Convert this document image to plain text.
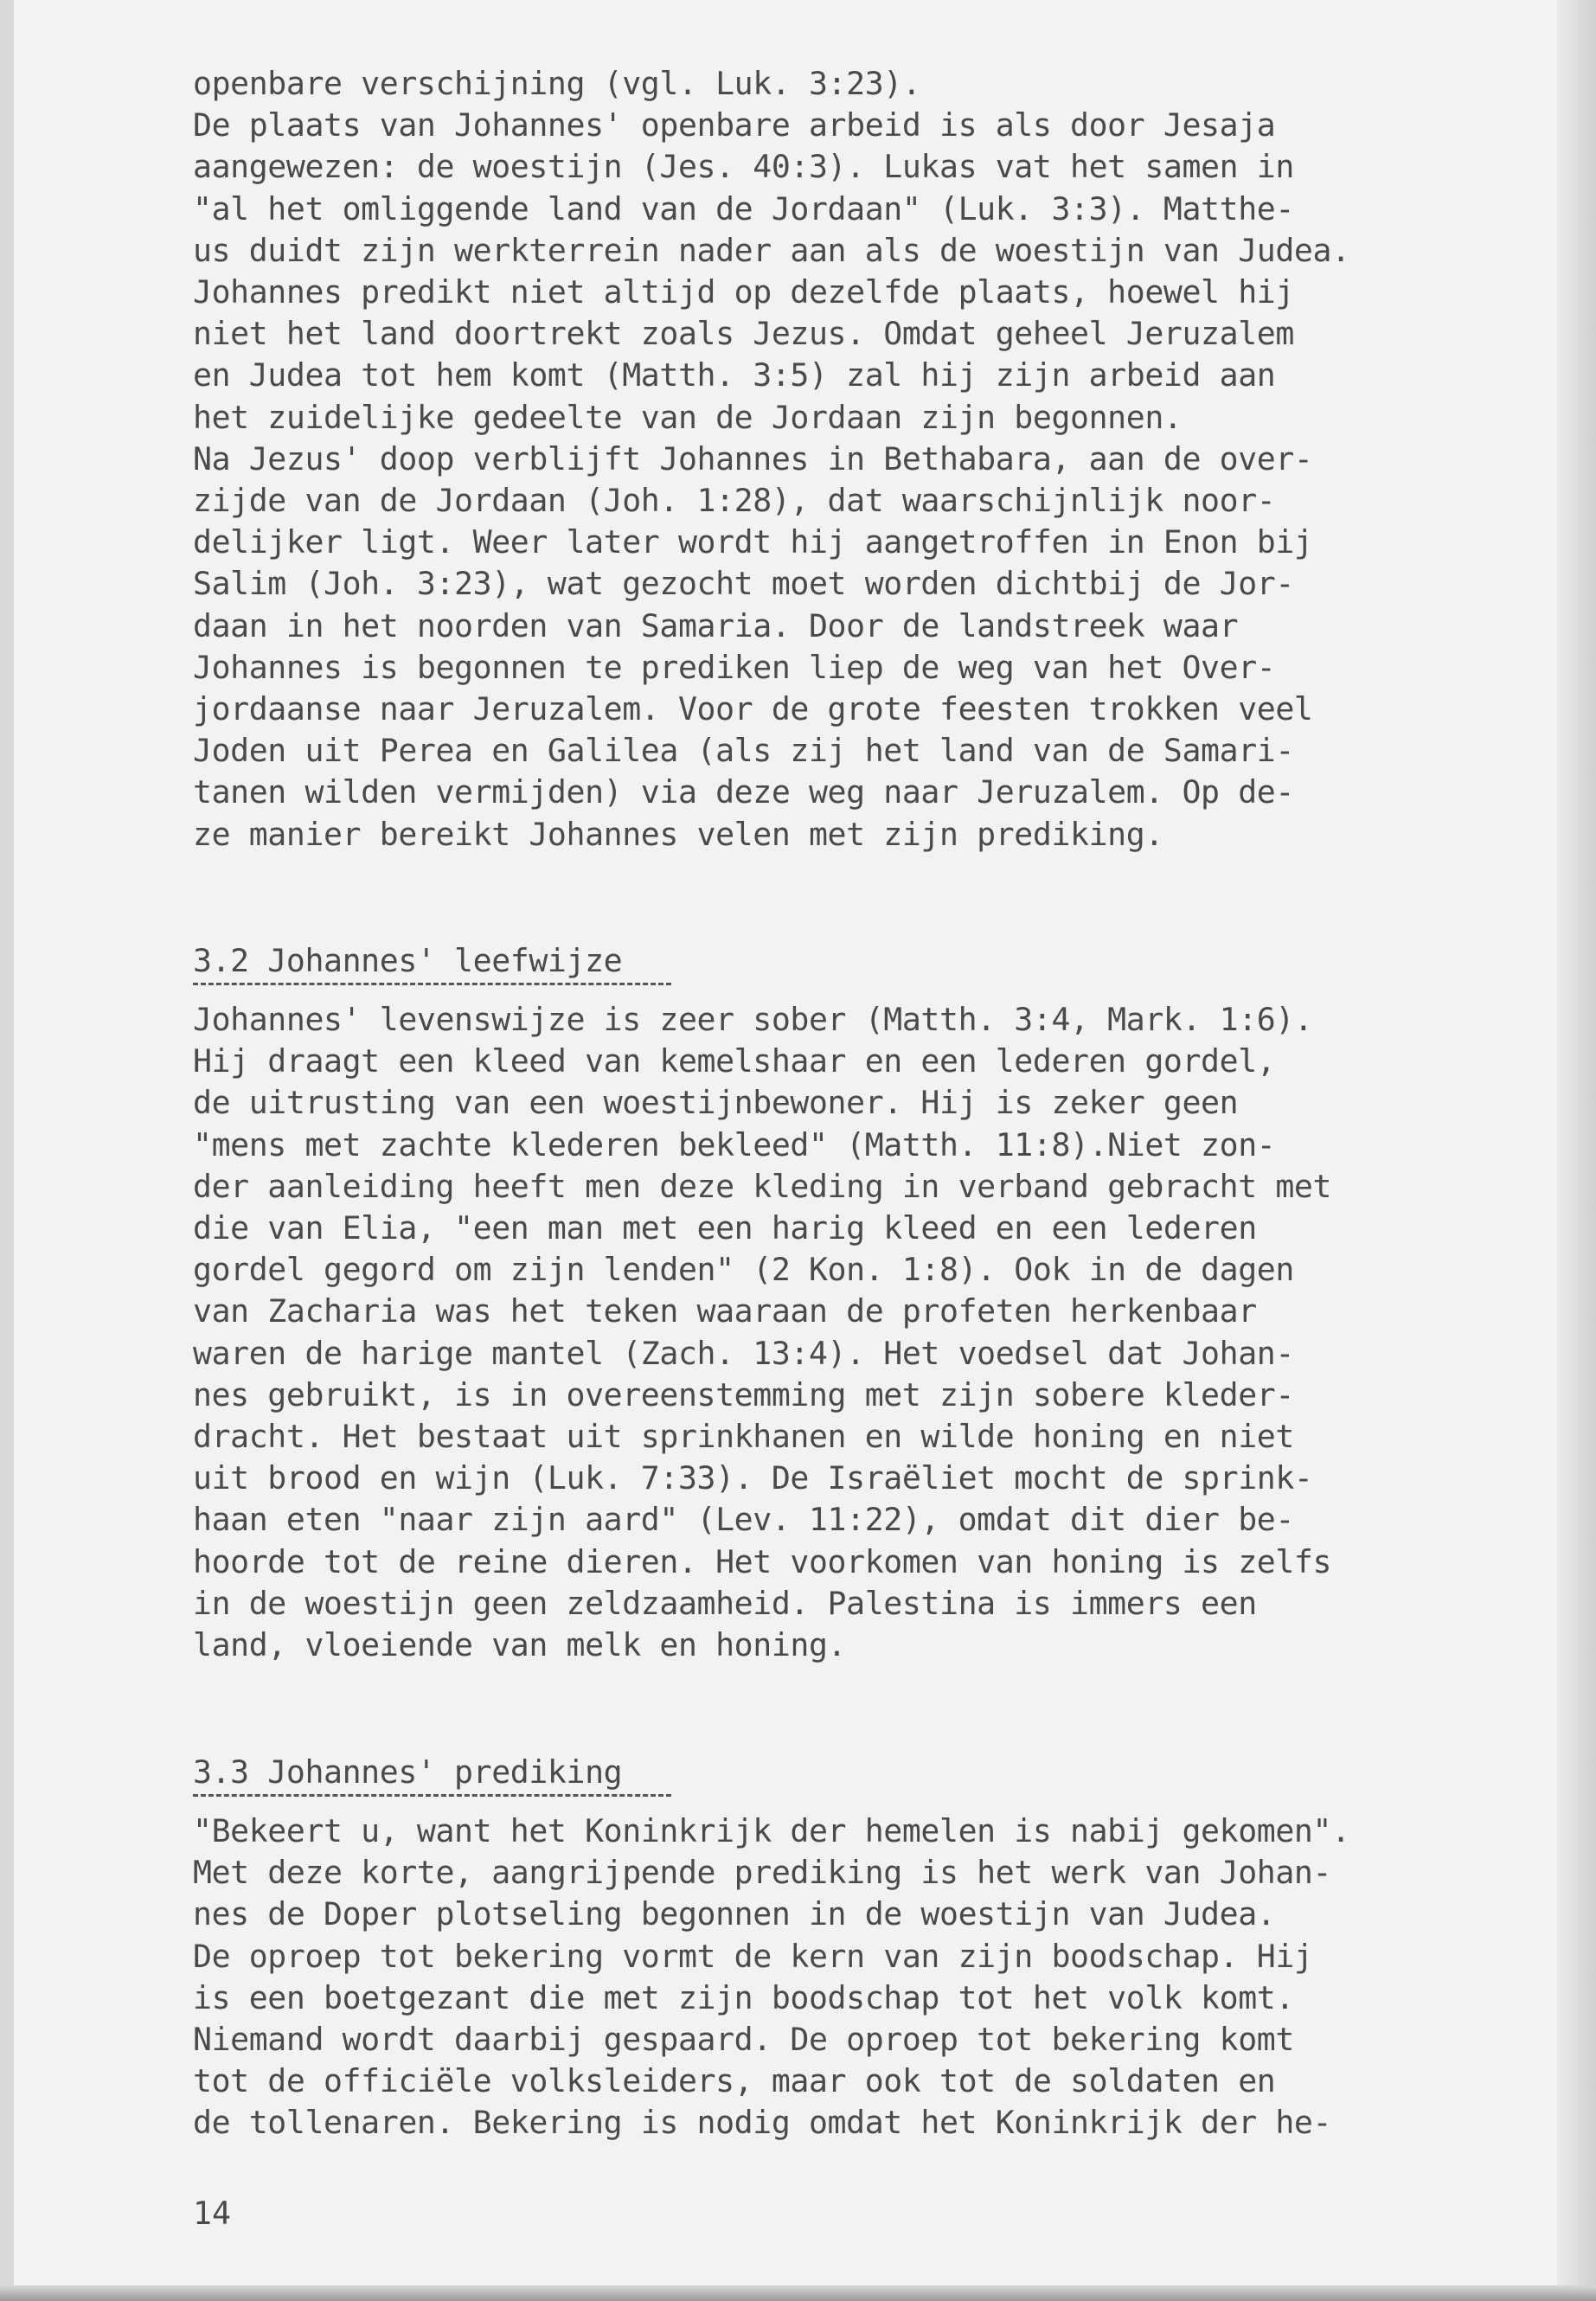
openbare verschijning (vgl. Luk. 3:23).
De plaats van Johannes' openbare arbeid is als door Jesaja
aangewezen: de woestijn (Jes. 40:3). Lukas vat het samen in
"al het omliggende land van de Jordaan" (Luk. 3:3). Matthe-
us duidt zijn werkterrein nader aan als de woestijn van Judea.
Johannes predikt niet altijd op dezelfde plaats, hoewel hij
niet het land doortrekt zoals Jezus. Omdat geheel Jeruzalem
en Judea tot hem komt (Matth. 3:5) zal hij zijn arbeid aan
het zuidelijke gedeelte van de Jordaan zijn begonnen.
Na Jezus' doop verblijft Johannes in Bethabara, aan de over-
zijde van de Jordaan (Joh. 1:28), dat waarschijnlijk noor-
delijker ligt. Weer later wordt hij aangetroffen in Enon bij
Salim (Joh. 3:23), wat gezocht moet worden dichtbij de Jor-
daan in het noorden van Samaria. Door de landstreek waar
Johannes is begonnen te prediken liep de weg van het Over-
jordaanse naar Jeruzalem. Voor de grote feesten trokken veel
Joden uit Perea en Galilea (als zij het land van de Samari-
tanen wilden vermijden) via deze weg naar Jeruzalem. Op de-
ze manier bereikt Johannes velen met zijn prediking.

3.2 Johannes' leefwijze

Johannes' levenswijze is zeer sober (Matth. 3:4, Mark. 1:6).
Hij draagt een kleed van kemelshaar en een lederen gordel,
de uitrusting van een woestijnbewoner. Hij is zeker geen
"mens met zachte klederen bekleed" (Matth. 11:8).Niet zon-
der aanleiding heeft men deze kleding in verband gebracht met
die van Elia, "een man met een harig kleed en een lederen
gordel gegord om zijn lenden" (2 Kon. 1:8). Ook in de dagen
van Zacharia was het teken waaraan de profeten herkenbaar
waren de harige mantel (Zach. 13:4). Het voedsel dat Johan-
nes gebruikt, is in overeenstemming met zijn sobere kleder-
dracht. Het bestaat uit sprinkhanen en wilde honing en niet
uit brood en wijn (Luk. 7:33). De Israëliet mocht de sprink-
haan eten "naar zijn aard" (Lev. 11:22), omdat dit dier be-
hoorde tot de reine dieren. Het voorkomen van honing is zelfs
in de woestijn geen zeldzaamheid. Palestina is immers een
land, vloeiende van melk en honing.

3.3 Johannes' prediking

"Bekeert u, want het Koninkrijk der hemelen is nabij gekomen".
Met deze korte, aangrijpende prediking is het werk van Johan-
nes de Doper plotseling begonnen in de woestijn van Judea.
De oproep tot bekering vormt de kern van zijn boodschap. Hij
is een boetgezant die met zijn boodschap tot het volk komt.
Niemand wordt daarbij gespaard. De oproep tot bekering komt
tot de officiële volksleiders, maar ook tot de soldaten en
de tollenaren. Bekering is nodig omdat het Koninkrijk der he-

14
